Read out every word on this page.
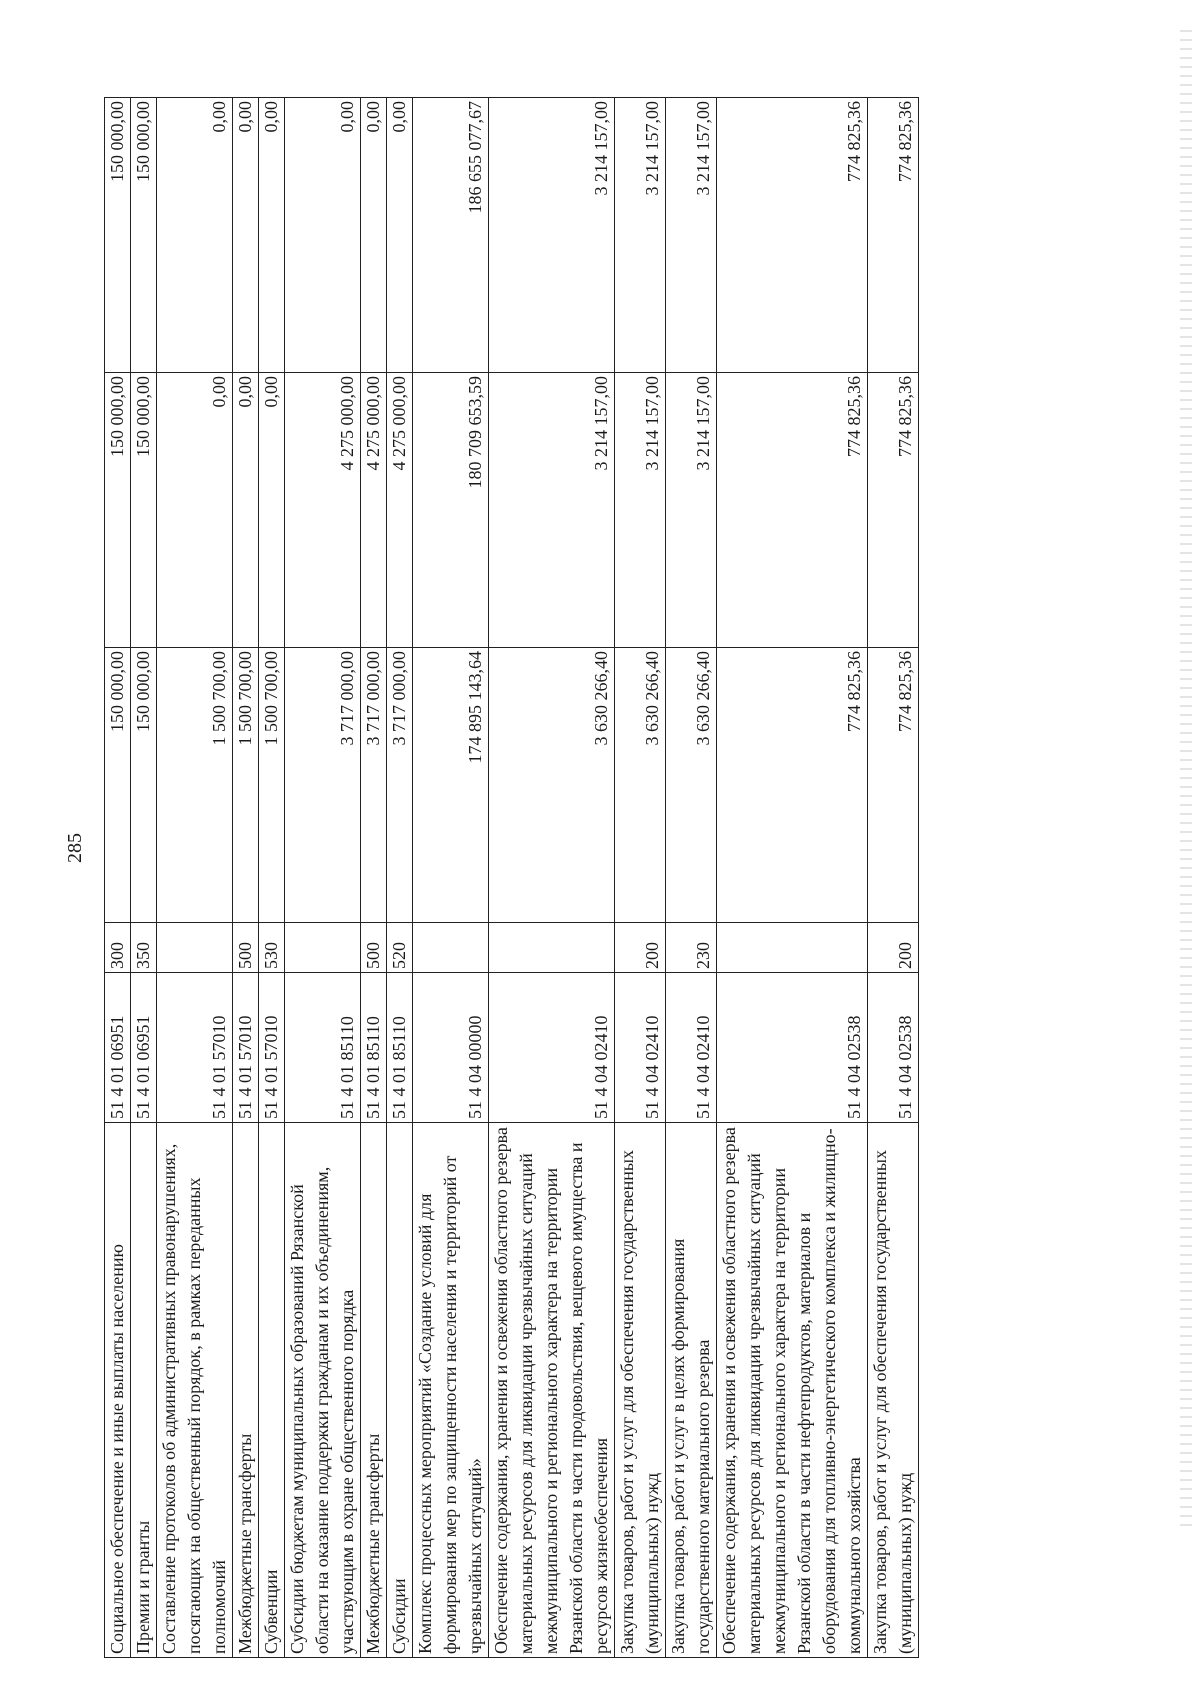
285
Социальное обеспечение и иные выплаты населению	51 4 01 06951	300	150 000,00	150 000,00	150 000,00
Премии и гранты	51 4 01 06951	350	150 000,00	150 000,00	150 000,00
Составление протоколов об административных правонарушениях, посягающих на общественный порядок, в рамках переданных полномочий	51 4 01 57010		1 500 700,00	0,00	0,00
Межбюджетные трансферты	51 4 01 57010	500	1 500 700,00	0,00	0,00
Субвенции	51 4 01 57010	530	1 500 700,00	0,00	0,00
Субсидии бюджетам муниципальных образований Рязанской области на оказание поддержки гражданам и их объединениям, участвующим в охране общественного порядка	51 4 01 85110		3 717 000,00	4 275 000,00	0,00
Межбюджетные трансферты	51 4 01 85110	500	3 717 000,00	4 275 000,00	0,00
Субсидии	51 4 01 85110	520	3 717 000,00	4 275 000,00	0,00
Комплекс процессных мероприятий «Создание условий для формирования мер по защищенности населения и территорий от чрезвычайных ситуаций»	51 4 04 00000		174 895 143,64	180 709 653,59	186 655 077,67
Обеспечение содержания, хранения и освежения областного резерва материальных ресурсов для ликвидации чрезвычайных ситуаций межмуниципального и регионального характера на территории Рязанской области в части продовольствия, вещевого имущества и ресурсов жизнеобеспечения	51 4 04 02410		3 630 266,40	3 214 157,00	3 214 157,00
Закупка товаров, работ и услуг для обеспечения государственных (муниципальных) нужд	51 4 04 02410	200	3 630 266,40	3 214 157,00	3 214 157,00
Закупка товаров, работ и услуг в целях формирования государственного материального резерва	51 4 04 02410	230	3 630 266,40	3 214 157,00	3 214 157,00
Обеспечение содержания, хранения и освежения областного резерва материальных ресурсов для ликвидации чрезвычайных ситуаций межмуниципального и регионального характера на территории Рязанской области в части нефтепродуктов, материалов и оборудования для топливно-энергетического комплекса и жилищно-коммунального хозяйства	51 4 04 02538		774 825,36	774 825,36	774 825,36
Закупка товаров, работ и услуг для обеспечения государственных (муниципальных) нужд	51 4 04 02538	200	774 825,36	774 825,36	774 825,36
